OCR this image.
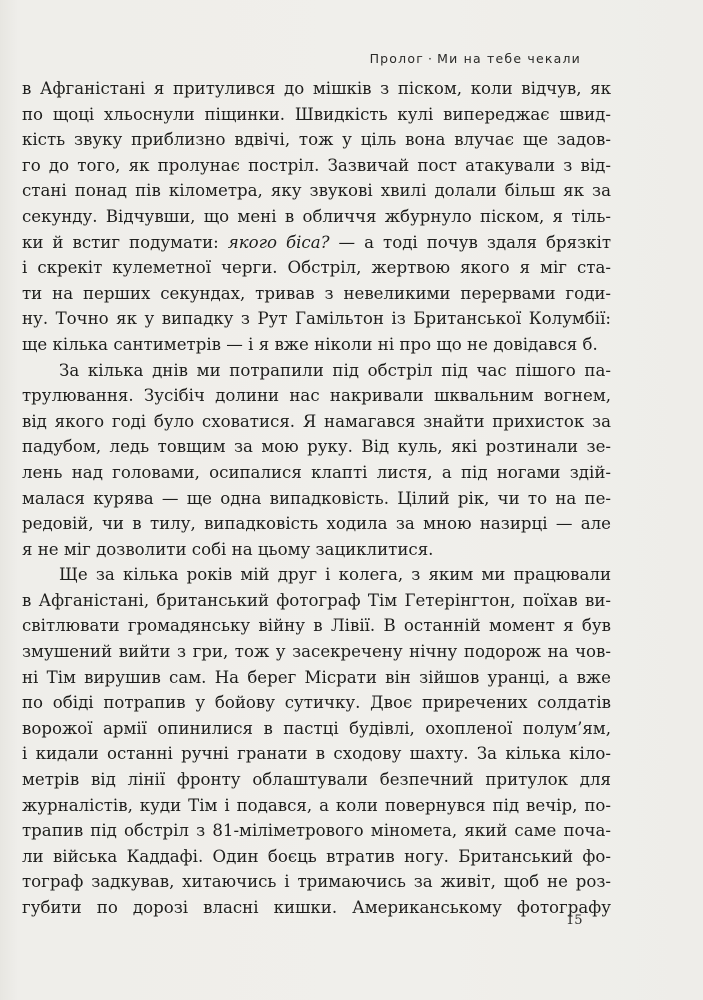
Пролог · Ми на тебе чекали
в Афганістані я притулився до мішків з піском, коли відчув, як
по щоці хльоснули піщинки. Швидкість кулі випереджає швид-
кість звуку приблизно вдвічі, тож у ціль вона влучає ще задов-
го до того, як пролунає постріл. Зазвичай пост атакували з від-
стані понад пів кілометра, яку звукові хвилі долали більш як за
секунду. Відчувши, що мені в обличчя жбурнуло піском, я тіль-
ки й встиг подумати: якого біса? — а тоді почув здаля брязкіт
і скрекіт кулеметної черги. Обстріл, жертвою якого я міг ста-
ти на перших секундах, тривав з невеликими перервами годи-
ну. Точно як у випадку з Рут Гамільтон із Британської Колумбії:
ще кілька сантиметрів — і я вже ніколи ні про що не довідався б.
За кілька днів ми потрапили під обстріл під час пішого па-
трулювання. Зусібіч долини нас накривали шквальним вогнем,
від якого годі було сховатися. Я намагався знайти прихисток за
падубом, ледь товщим за мою руку. Від куль, які розтинали зе-
лень над головами, осипалися клапті листя, а під ногами здій-
малася курява — ще одна випадковість. Цілий рік, чи то на пе-
редовій, чи в тилу, випадковість ходила за мною назирці — але
я не міг дозволити собі на цьому зациклитися.
Ще за кілька років мій друг і колега, з яким ми працювали
в Афганістані, британський фотограф Тім Гетерінгтон, поїхав ви-
світлювати громадянську війну в Лівії. В останній момент я був
змушений вийти з гри, тож у засекречену нічну подорож на чов-
ні Тім вирушив сам. На берег Місрати він зійшов уранці, а вже
по обіді потрапив у бойову сутичку. Двоє приречених солдатів
ворожої армії опинилися в пастці будівлі, охопленої полум’ям,
і кидали останні ручні гранати в сходову шахту. За кілька кіло-
метрів від лінії фронту облаштували безпечний притулок для
журналістів, куди Тім і подався, а коли повернувся під вечір, по-
трапив під обстріл з 81-міліметрового міномета, який саме поча-
ли війська Каддафі. Один боєць втратив ногу. Британський фо-
тограф задкував, хитаючись і тримаючись за живіт, щоб не роз-
губити по дорозі власні кишки. Американському фотографу
15
